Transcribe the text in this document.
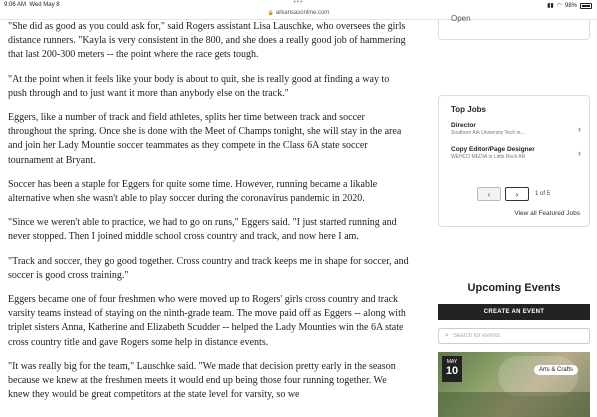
9:06 AM Wed May 8	•••	▮▮ ◠ 98%
🔒 arkansasonline.com

"She did as good as you could ask for," said Rogers assistant Lisa Lauschke, who oversees the girls distance runners. "Kayla is very consistent in the 800, and she does a really good job of hammering that last 200-300 meters -- the point where the race gets tough.

"At the point when it feels like your body is about to quit, she is really good at finding a way to push through and to just want it more than anybody else on the track."

Eggers, like a number of track and field athletes, splits her time between track and soccer throughout the spring. Once she is done with the Meet of Champs tonight, she will stay in the area and join her Lady Mountie soccer teammates as they compete in the Class 6A state soccer tournament at Bryant.

Soccer has been a staple for Eggers for quite some time. However, running became a likable alternative when she wasn't able to play soccer during the coronavirus pandemic in 2020.

"Since we weren't able to practice, we had to go on runs," Eggers said. "I just started running and never stopped. Then I joined middle school cross country and track, and now here I am.

"Track and soccer, they go good together. Cross country and track keeps me in shape for soccer, and soccer is good cross training."

Eggers became one of four freshmen who were moved up to Rogers' girls cross country and track varsity teams instead of staying on the ninth-grade team. The move paid off as Eggers -- along with triplet sisters Anna, Katherine and Elizabeth Scudder -- helped the Lady Mounties win the 6A state cross country title and gave Rogers some help in distance events.

"It was really big for the team," Lauschke said. "We made that decision pretty early in the season because we knew at the freshmen meets it would end up being those four running together. We knew they would be great competitors at the state level for varsity, so we

Open
Top Jobs
Director
Southern Ark University Tech in...	›
Copy Editor/Page Designer
WEHCO MEDIA in Little Rock AR	›
‹	›	1 of 5
View all Featured Jobs
Upcoming Events
CREATE AN EVENT
⌕
Search for events
MAY
10	Arts & Crafts
